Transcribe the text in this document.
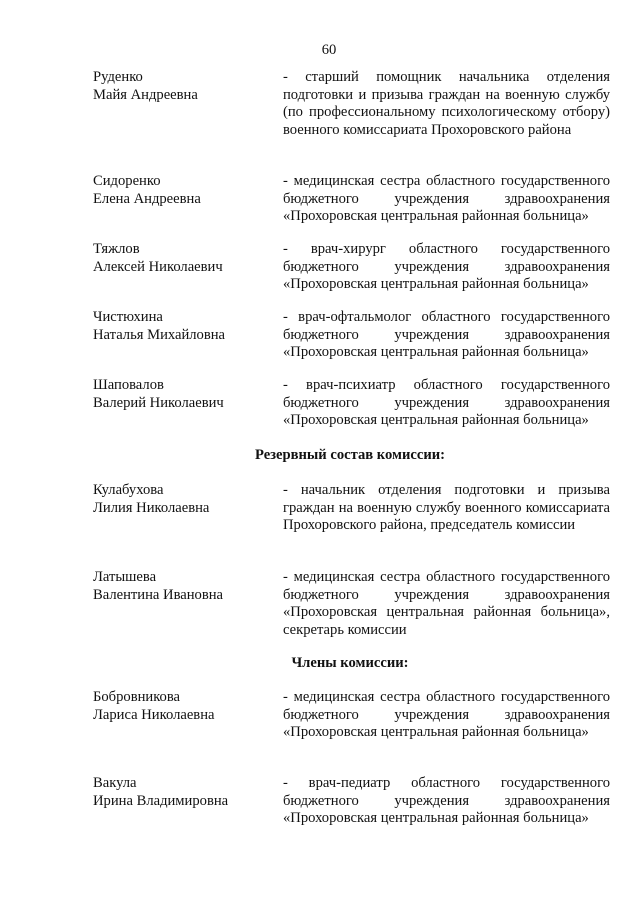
60
Руденко
Майя Андреевна
- старший помощник начальника отделения подготовки и призыва граждан на военную службу (по профессиональному психологическому отбору) военного комиссариата Прохоровского района
Сидоренко
Елена Андреевна
- медицинская сестра областного государственного бюджетного учреждения здравоохранения «Прохоровская центральная районная больница»
Тяжлов
Алексей Николаевич
- врач-хирург областного государственного бюджетного учреждения здравоохранения «Прохоровская центральная районная больница»
Чистюхина
Наталья Михайловна
- врач-офтальмолог областного государственного бюджетного учреждения здравоохранения «Прохоровская центральная районная больница»
Шаповалов
Валерий Николаевич
- врач-психиатр областного государственного бюджетного учреждения здравоохранения «Прохоровская центральная районная больница»
Резервный состав комиссии:
Кулабухова
Лилия Николаевна
- начальник отделения подготовки и призыва граждан на военную службу военного комиссариата Прохоровского района, председатель комиссии
Латышева
Валентина Ивановна
- медицинская сестра областного государственного бюджетного учреждения здравоохранения «Прохоровская центральная районная больница», секретарь комиссии
Члены комиссии:
Бобровникова
Лариса Николаевна
- медицинская сестра областного государственного бюджетного учреждения здравоохранения «Прохоровская центральная районная больница»
Вакула
Ирина Владимировна
- врач-педиатр областного государственного бюджетного учреждения здравоохранения «Прохоровская центральная районная больница»
